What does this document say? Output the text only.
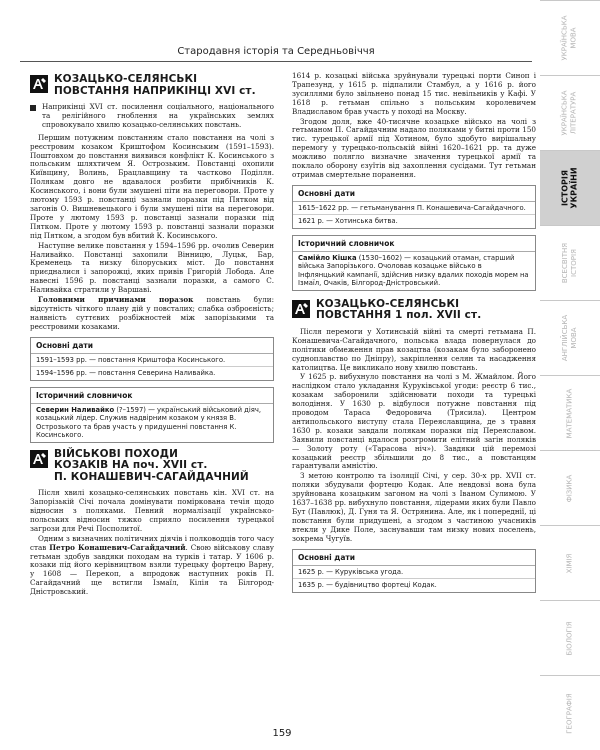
Стародавня історія та Середньовіччя
КОЗАЦЬКО-СЕЛЯНСЬКІ
ПОВСТАННЯ НАПРИКІНЦІ XVI ст.

Наприкінці XVI ст. посилення соціального, національного та релігійного гноблення на українських землях спровокувало хвилю козацько-селянських повстань.

Першим потужним повстанням стало повстання на чолі з реєстровим козаком Криштофом Косинським (1591–1593). Поштовхом до повстання виявився конфлікт К. Косинського з польським шляхтичем Я. Острозьким. Повстанці охопили Київщину, Волинь, Брацлавщину та частково Поділля. Полякам довго не вдавалося розбити прибічників К. Косинського, і вони були змушені піти на переговори. Проте у лютому 1593 р. повстанці зазнали поразки під Пятком від загонів О. Вишневецького і були змушені піти на переговори. Проте у лютому 1593 р. повстанці зазнали поразки під Пятком. Проте у лютому 1593 р. повстанці зазнали поразки під Пятком, а згодом був вбитий К. Косинського.

Наступне велике повстання у 1594–1596 рр. очолив Северин Наливайко. Повстанці захопили Вінницю, Луцьк, Бар, Кременець та низку білоруських міст. До повстання приєдналися і запорожці, яких привів Григорій Лобода. Але навесні 1596 р. повстанці зазнали поразки, а самого С. Наливайка стратили у Варшаві.

Головними причинами поразок повстань були: відсутність чіткого плану дій у повсталих; слабка озброєність; наявність суттєвих розбіжностей між запорізькими та реєстровими козаками.

Основні дати
1591–1593 рр. — повстання Криштофа Косинського.
1594–1596 рр. — повстання Северина Наливайка.
Історичний словничок
Северин Наливайко (?–1597) — український військовий діяч, козацький лідер. Служив надвірним козаком у князя В. Острозького та брав участь у придушенні повстання К. Косинського.
ВІЙСЬКОВІ ПОХОДИ
КОЗАКІВ НА поч. XVII ст.
П. КОНАШЕВИЧ-САГАЙДАЧНИЙ

Після хвилі козацько-селянських повстань кін. XVI ст. на Запорізькій Січі почала домінувати поміркована течія щодо відносин з поляками. Певний нормалізації українсько-польських відносин тяжко сприяло посилення турецької загрози для Речі Посполитої.

Одним з визначних політичних діячів і полководців того часу став Петро Конашевич-Сагайдачний. Свою військову славу гетьман здобув завдяки походам на турків і татар. У 1606 р. козаки під його керівництвом взяли турецьку фортецю Варну, у 1608 — Перекоп, а впродовж наступних років П. Сагайдачний ще встигли Ізмаїл, Кілія та Білгород-Дністровський.

1614 р. козацькі війська зруйнували турецькі порти Синоп і Трапезунд, у 1615 р. підпалили Стамбул, а у 1616 р. його зусиллями було звільнено понад 15 тис. невільників у Кафі. У 1618 р. гетьман спільно з польським королевичем Владиславом брав участь у поході на Москву.

Згодом доля, вже 40-тисячне козацьке військо на чолі з гетьманом П. Сагайдачним надало поляками у битві проти 150 тис. турецької армії під Хотином, було здобуто вирішальну перемогу у турецько-польській війні 1620–1621 рр. та дуже можливо полягло визначне значення турецької армії та поклало оборону єзуїтів від захоплення сусідами. Тут гетьман отримав смертельне поранення.

Основні дати
1615–1622 рр. — гетьманування П. Конашевича-Сагайдачного.
1621 р. — Хотинська битва.
Історичний словничок
Самійло Кішка (1530–1602) — козацький отаман, старший війська Запорізького. Очоловав козацьке військо в Інфлянцький кампанії, здійснив низку вдалих походів морем на Ізмаїл, Очаків, Білгород-Дністровський.
КОЗАЦЬКО-СЕЛЯНСЬКІ
ПОВСТАННЯ 1 пол. XVII ст.

Після перемоги у Хотинській війні та смерті гетьмана П. Конашевича-Сагайдачного, польська влада повернулася до політики обмеження прав козацтва (козакам було заборонено судноплавство по Дніпру), закріплення селян та насадження католицтва. Це викликало нову хвилю повстань.

У 1625 р. вибухнуло повстання на чолі з М. Жмайлом. Його наслідком стало укладання Куруківської угоди: реєстр 6 тис., козакам заборонили здійснювати походи та турецькі володіння. У 1630 р. відбулося потужне повстання під проводом Тараса Федоровича (Трясила). Центром антипольського виступу стала Переяславщина, де з травня 1630 р. козаки завдали полякам поразки під Переяславом. Заявили повстанці вдалося розгромити елітний загін поляків — Золоту роту («Тарасова ніч»). Завдяки цій перемозі козацький реєстр збільшили до 8 тис., а повстанцям гарантували амністію.

З метою контролю та ізоляції Січі, у сер. 30-х рр. XVII ст. поляки збудували фортецю Кодак. Але невдовзі вона була зруйнована козацьким загоном на чолі з Іваном Сулимою. У 1637–1638 рр. вибухнуло повстання, лідерами яких були Павло Бут (Павлюк), Д. Гуня та Я. Острянина. Але, як і попереднії, ці повстання були придушені, а згодом з частиною учасників втекли у Дике Поле, заснувавши там низку нових поселень, зокрема Чугуїв.

Основні дати
1625 р. — Куруківська угода.
1635 р. — будівництво фортеці Кодак.
159
УКРАЇНСЬКА МОВА
УКРАЇНСЬКА ЛІТЕРАТУРА
ІСТОРІЯ УКРАЇНИ
ВСЕСВІТНЯ ІСТОРІЯ
АНГЛІЙСЬКА МОВА
МАТЕМАТИКА
ФІЗИКА
ХІМІЯ
БІОЛОГІЯ
ГЕОГРАФІЯ
